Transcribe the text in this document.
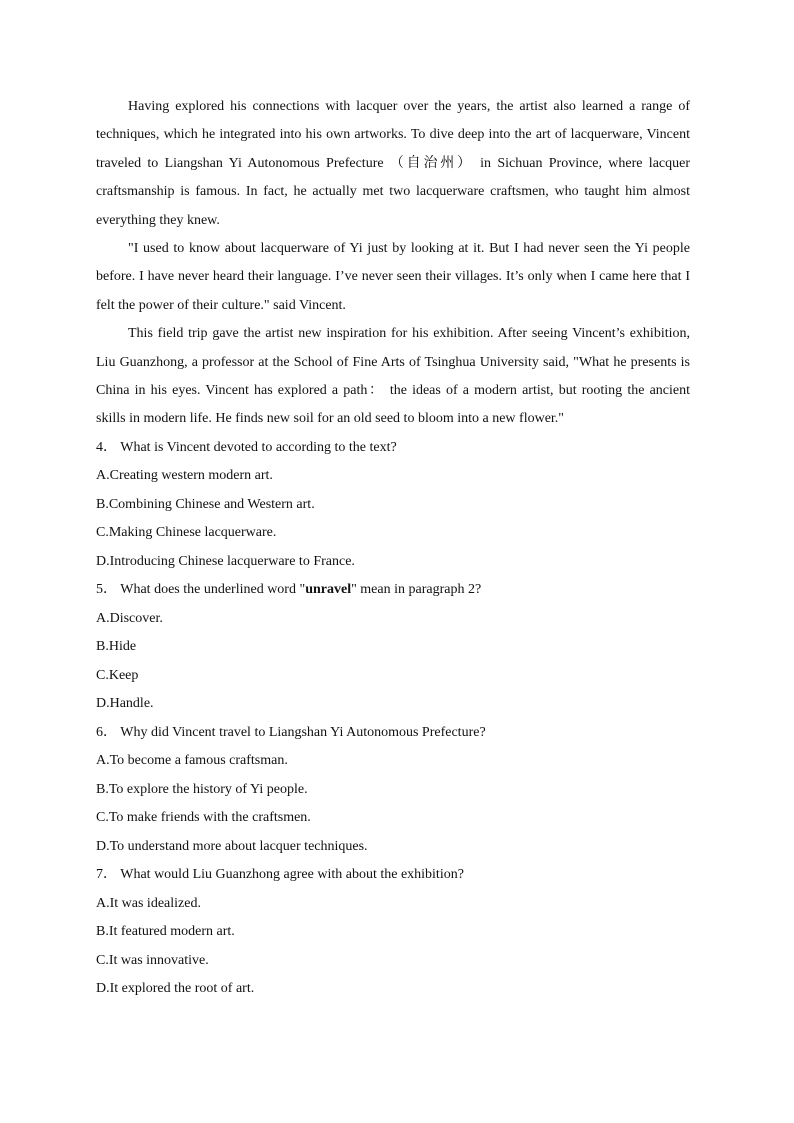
Having explored his connections with lacquer over the years, the artist also learned a range of techniques, which he integrated into his own artworks. To dive deep into the art of lacquerware, Vincent traveled to Liangshan Yi Autonomous Prefecture （自治州） in Sichuan Province, where lacquer craftsmanship is famous. In fact, he actually met two lacquerware craftsmen, who taught him almost everything they knew.

"I used to know about lacquerware of Yi just by looking at it. But I had never seen the Yi people before. I have never heard their language. I’ve never seen their villages. It’s only when I came here that I felt the power of their culture." said Vincent.

This field trip gave the artist new inspiration for his exhibition. After seeing Vincent’s exhibition, Liu Guanzhong, a professor at the School of Fine Arts of Tsinghua University said, "What he presents is China in his eyes. Vincent has explored a path： the ideas of a modern artist, but rooting the ancient skills in modern life. He finds new soil for an old seed to bloom into a new flower."

4． What is Vincent devoted to according to the text?

A.Creating western modern art.

B.Combining Chinese and Western art.

C.Making Chinese lacquerware.

D.Introducing Chinese lacquerware to France.

5． What does the underlined word "unravel" mean in paragraph 2?

A.Discover.

B.Hide

C.Keep

D.Handle.

6． Why did Vincent travel to Liangshan Yi Autonomous Prefecture?

A.To become a famous craftsman.

B.To explore the history of Yi people.

C.To make friends with the craftsmen.

D.To understand more about lacquer techniques.

7． What would Liu Guanzhong agree with about the exhibition?

A.It was idealized.

B.It featured modern art.

C.It was innovative.

D.It explored the root of art.
